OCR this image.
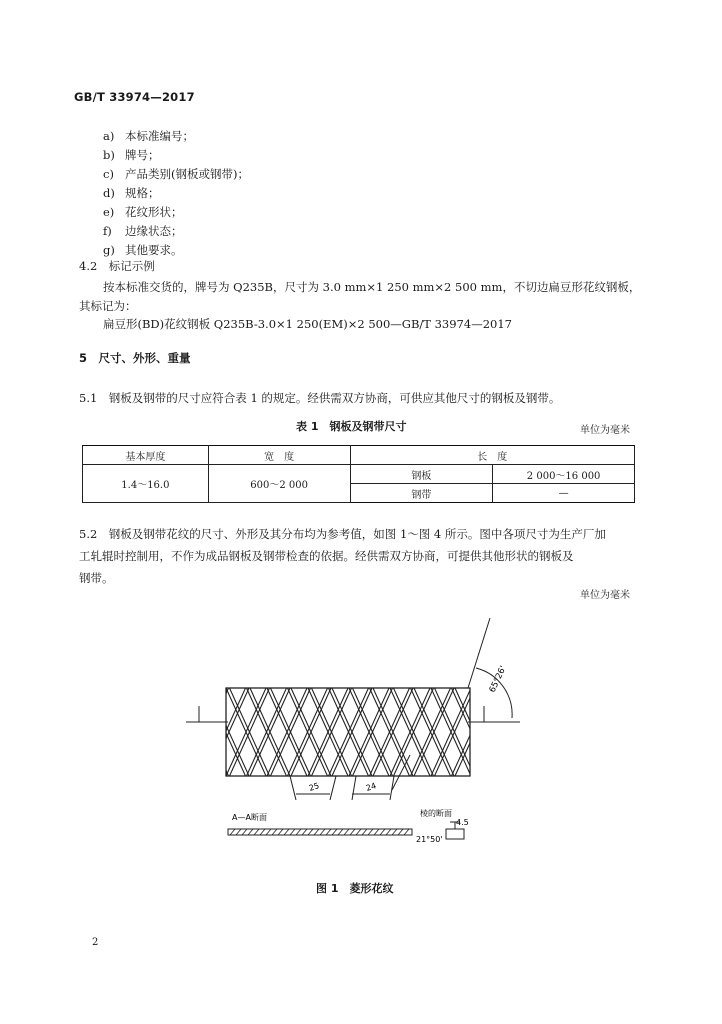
GB/T 33974—2017
a) 本标准编号；
b) 牌号；
c) 产品类别(钢板或钢带)；
d) 规格；
e) 花纹形状；
f) 边缘状态；
g) 其他要求。
4.2　标记示例
按本标准交货的，牌号为 Q235B，尺寸为 3.0 mm×1 250 mm×2 500 mm，不切边扁豆形花纹钢板，
其标记为：
扁豆形(BD)花纹钢板 Q235B-3.0×1 250(EM)×2 500—GB/T 33974—2017
5　尺寸、外形、重量
5.1　钢板及钢带的尺寸应符合表 1 的规定。经供需双方协商，可供应其他尺寸的钢板及钢带。
表 1　钢板及钢带尺寸	单位为毫米
基本厚度	宽　度	长　度	
1.4～16.0	600～2 000	钢板	2 000～16 000
		钢带	—
5.2　钢板及钢带花纹的尺寸、外形及其分布均为参考值，如图 1～图 4 所示。图中各项尺寸为生产厂加
工轧辊时控制用，不作为成品钢板及钢带检查的依据。经供需双方协商，可提供其他形状的钢板及
钢带。
单位为毫米
65°26'
25	24
A—A断面	棱的断面
4.5
21°50'
图 1　菱形花纹
2
